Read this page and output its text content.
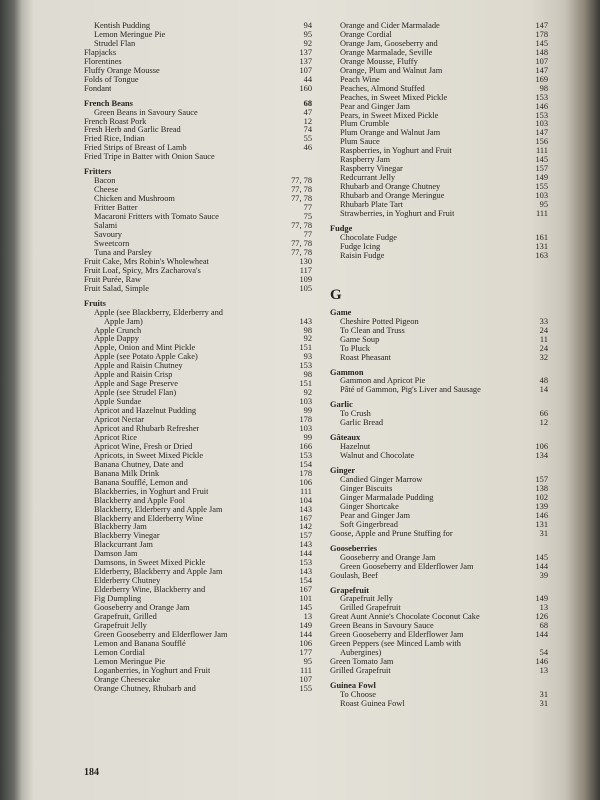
Kentish Pudding	94
Lemon Meringue Pie	95
Strudel Flan	92
Flapjacks	137
Florentines	137
Fluffy Orange Mousse	107
Folds of Tongue	44
Fondant	160
French Beans	68
Green Beans in Savoury Sauce	47
French Roast Pork	12
Fresh Herb and Garlic Bread	74
Fried Rice, Indian	55
Fried Strips of Breast of Lamb	46
Fried Tripe in Batter with Onion Sauce
Fritters
Bacon	77, 78
Cheese	77, 78
Chicken and Mushroom	77, 78
Fritter Batter	77
Macaroni Fritters with Tomato Sauce	75
Salami	77, 78
Savoury	77
Sweetcorn	77, 78
Tuna and Parsley	77, 78
Fruit Cake, Mrs Robin's Wholewheat	130
Fruit Loaf, Spicy, Mrs Zacharova's	117
Fruit Purée, Raw	109
Fruit Salad, Simple	105
Fruits
Apple (see Blackberry, Elderberry and
Apple Jam)	143
Apple Crunch	98
Apple Dappy	92
Apple, Onion and Mint Pickle	151
Apple (see Potato Apple Cake)	93
Apple and Raisin Chutney	153
Apple and Raisin Crisp	98
Apple and Sage Preserve	151
Apple (see Strudel Flan)	92
Apple Sundae	103
Apricot and Hazelnut Pudding	99
Apricot Nectar	178
Apricot and Rhubarb Refresher	103
Apricot Rice	99
Apricot Wine, Fresh or Dried	166
Apricots, in Sweet Mixed Pickle	153
Banana Chutney, Date and	154
Banana Milk Drink	178
Banana Soufflé, Lemon and	106
Blackberries, in Yoghurt and Fruit	111
Blackberry and Apple Fool	104
Blackberry, Elderberry and Apple Jam	143
Blackberry and Elderberry Wine	167
Blackberry Jam	142
Blackberry Vinegar	157
Blackcurrant Jam	143
Damson Jam	144
Damsons, in Sweet Mixed Pickle	153
Elderberry, Blackberry and Apple Jam	143
Elderberry Chutney	154
Elderberry Wine, Blackberry and	167
Fig Dumpling	101
Gooseberry and Orange Jam	145
Grapefruit, Grilled	13
Grapefruit Jelly	149
Green Gooseberry and Elderflower Jam	144
Lemon and Banana Soufflé	106
Lemon Cordial	177
Lemon Meringue Pie	95
Loganberries, in Yoghurt and Fruit	111
Orange Cheesecake	107
Orange Chutney, Rhubarb and	155
Orange and Cider Marmalade	147
Orange Cordial	178
Orange Jam, Gooseberry and	145
Orange Marmalade, Seville	148
Orange Mousse, Fluffy	107
Orange, Plum and Walnut Jam	147
Peach Wine	169
Peaches, Almond Stuffed	98
Peaches, in Sweet Mixed Pickle	153
Pear and Ginger Jam	146
Pears, in Sweet Mixed Pickle	153
Plum Crumble	103
Plum Orange and Walnut Jam	147
Plum Sauce	156
Raspberries, in Yoghurt and Fruit	111
Raspberry Jam	145
Raspberry Vinegar	157
Redcurrant Jelly	149
Rhubarb and Orange Chutney	155
Rhubarb and Orange Meringue	103
Rhubarb Plate Tart	95
Strawberries, in Yoghurt and Fruit	111
Fudge
Chocolate Fudge	161
Fudge Icing	131
Raisin Fudge	163
G
Game
Cheshire Potted Pigeon	33
To Clean and Truss	24
Game Soup	11
To Pluck	24
Roast Pheasant	32
Gammon
Gammon and Apricot Pie	48
Pâté of Gammon, Pig's Liver and Sausage	14
Garlic
To Crush	66
Garlic Bread	12
Gâteaux
Hazelnut	106
Walnut and Chocolate	134
Ginger
Candied Ginger Marrow	157
Ginger Biscuits	138
Ginger Marmalade Pudding	102
Ginger Shortcake	139
Pear and Ginger Jam	146
Soft Gingerbread	131
Goose, Apple and Prune Stuffing for	31
Gooseberries
Gooseberry and Orange Jam	145
Green Gooseberry and Elderflower Jam	144
Goulash, Beef	39
Grapefruit
Grapefruit Jelly	149
Grilled Grapefruit	13
Great Aunt Annie's Chocolate Coconut Cake	126
Green Beans in Savoury Sauce	68
Green Gooseberry and Elderflower Jam	144
Green Peppers (see Minced Lamb with
Aubergines)	54
Green Tomato Jam	146
Grilled Grapefruit	13
Guinea Fowl
To Choose	31
Roast Guinea Fowl	31
184
